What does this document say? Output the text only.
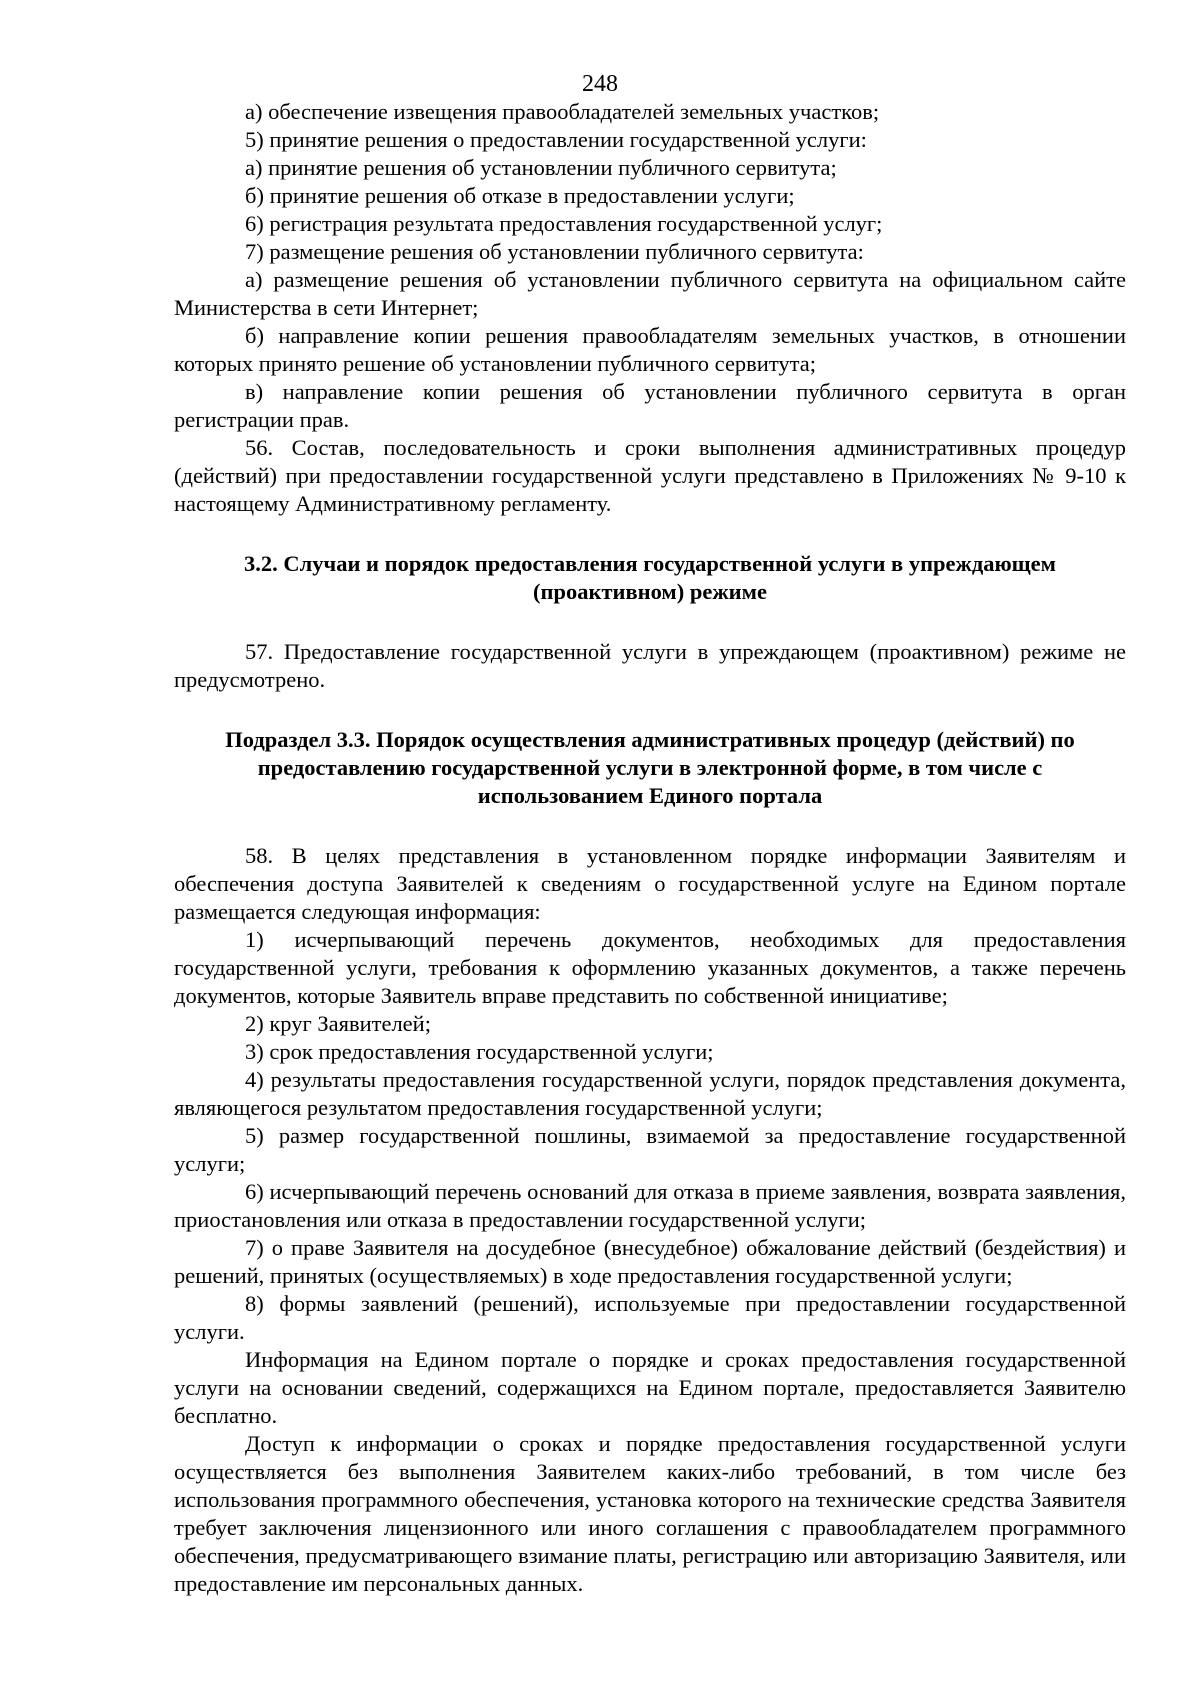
248

а) обеспечение извещения правообладателей земельных участков;

5) принятие решения о предоставлении государственной услуги:

а) принятие решения об установлении публичного сервитута;

б) принятие решения об отказе в предоставлении услуги;

6) регистрация результата предоставления государственной услуг;

7) размещение решения об установлении публичного сервитута:

а) размещение решения об установлении публичного сервитута на официальном сайте Министерства в сети Интернет;

б) направление копии решения правообладателям земельных участков, в отношении которых принято решение об установлении публичного сервитута;

в) направление копии решения об установлении публичного сервитута в орган регистрации прав.

56. Состав, последовательность и сроки выполнения административных процедур (действий) при предоставлении государственной услуги представлено в Приложениях № 9-10 к настоящему Административному регламенту.

3.2. Случаи и порядок предоставления государственной услуги в упреждающем (проактивном) режиме

57. Предоставление государственной услуги в упреждающем (проактивном) режиме не предусмотрено.

Подраздел 3.3. Порядок осуществления административных процедур (действий) по предоставлению государственной услуги в электронной форме, в том числе с использованием Единого портала

58. В целях представления в установленном порядке информации Заявителям и обеспечения доступа Заявителей к сведениям о государственной услуге на Едином портале размещается следующая информация:

1) исчерпывающий перечень документов, необходимых для предоставления государственной услуги, требования к оформлению указанных документов, а также перечень документов, которые Заявитель вправе представить по собственной инициативе;

2) круг Заявителей;

3) срок предоставления государственной услуги;

4) результаты предоставления государственной услуги, порядок представления документа, являющегося результатом предоставления государственной услуги;

5) размер государственной пошлины, взимаемой за предоставление государственной услуги;

6) исчерпывающий перечень оснований для отказа в приеме заявления, возврата заявления, приостановления или отказа в предоставлении государственной услуги;

7) о праве Заявителя на досудебное (внесудебное) обжалование действий (бездействия) и решений, принятых (осуществляемых) в ходе предоставления государственной услуги;

8) формы заявлений (решений), используемые при предоставлении государственной услуги.

Информация на Едином портале о порядке и сроках предоставления государственной услуги на основании сведений, содержащихся на Едином портале, предоставляется Заявителю бесплатно.

Доступ к информации о сроках и порядке предоставления государственной услуги осуществляется без выполнения Заявителем каких-либо требований, в том числе без использования программного обеспечения, установка которого на технические средства Заявителя требует заключения лицензионного или иного соглашения с правообладателем программного обеспечения, предусматривающего взимание платы, регистрацию или авторизацию Заявителя, или предоставление им персональных данных.
